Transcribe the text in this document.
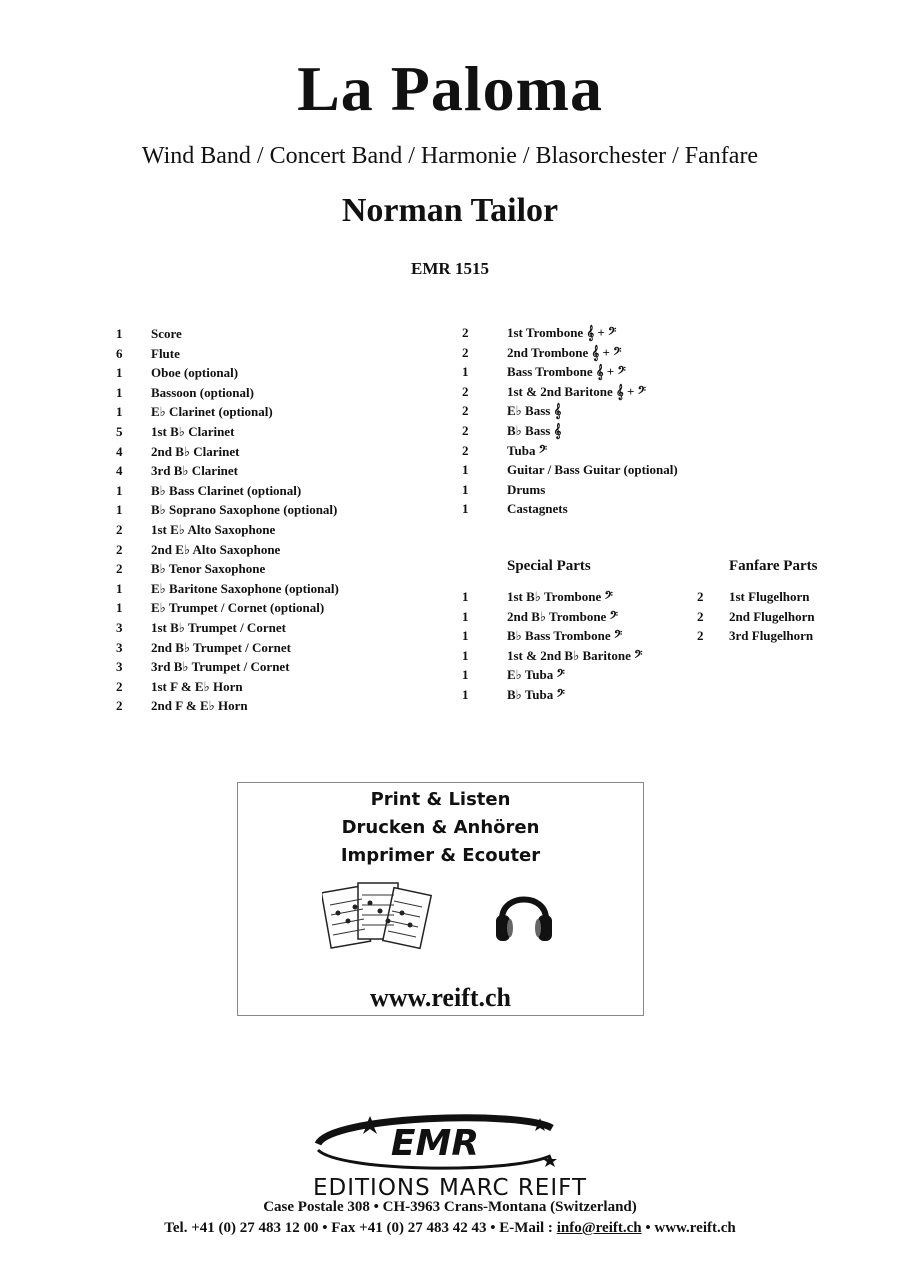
La Paloma
Wind Band / Concert Band / Harmonie / Blasorchester / Fanfare
Norman Tailor
EMR 1515
1 Score
6 Flute
1 Oboe (optional)
1 Bassoon (optional)
1 E♭ Clarinet (optional)
5 1st B♭ Clarinet
4 2nd B♭ Clarinet
4 3rd B♭ Clarinet
1 B♭ Bass Clarinet (optional)
1 B♭ Soprano Saxophone (optional)
2 1st E♭ Alto Saxophone
2 2nd E♭ Alto Saxophone
2 B♭ Tenor Saxophone
1 E♭ Baritone Saxophone (optional)
1 E♭ Trumpet / Cornet (optional)
3 1st B♭ Trumpet / Cornet
3 2nd B♭ Trumpet / Cornet
3 3rd B♭ Trumpet / Cornet
2 1st F & E♭ Horn
2 2nd F & E♭ Horn
2	1st Trombone 𝄞 + 𝄢
2	2nd Trombone 𝄞 + 𝄢
1	Bass Trombone 𝄞 + 𝄢
2	1st & 2nd Baritone 𝄞 + 𝄢
2	E♭ Bass 𝄞
2	B♭ Bass 𝄞
2	Tuba 𝄢
1	Guitar / Bass Guitar (optional)
1	Drums
1	Castagnets
Special Parts
1	1st B♭ Trombone 𝄢
1	2nd B♭ Trombone 𝄢
1	B♭ Bass Trombone 𝄢
1	1st & 2nd B♭ Baritone 𝄢
1	E♭ Tuba 𝄢
1	B♭ Tuba 𝄢
Fanfare Parts
2 1st Flugelhorn
2 2nd Flugelhorn
2 3rd Flugelhorn
Print & Listen
Drucken & Anhören
Imprimer & Ecouter
www.reift.ch
EMR
EDITIONS MARC REIFT
Case Postale 308 • CH-3963 Crans-Montana (Switzerland)
Tel. +41 (0) 27 483 12 00 • Fax +41 (0) 27 483 42 43 • E-Mail : info@reift.ch • www.reift.ch
